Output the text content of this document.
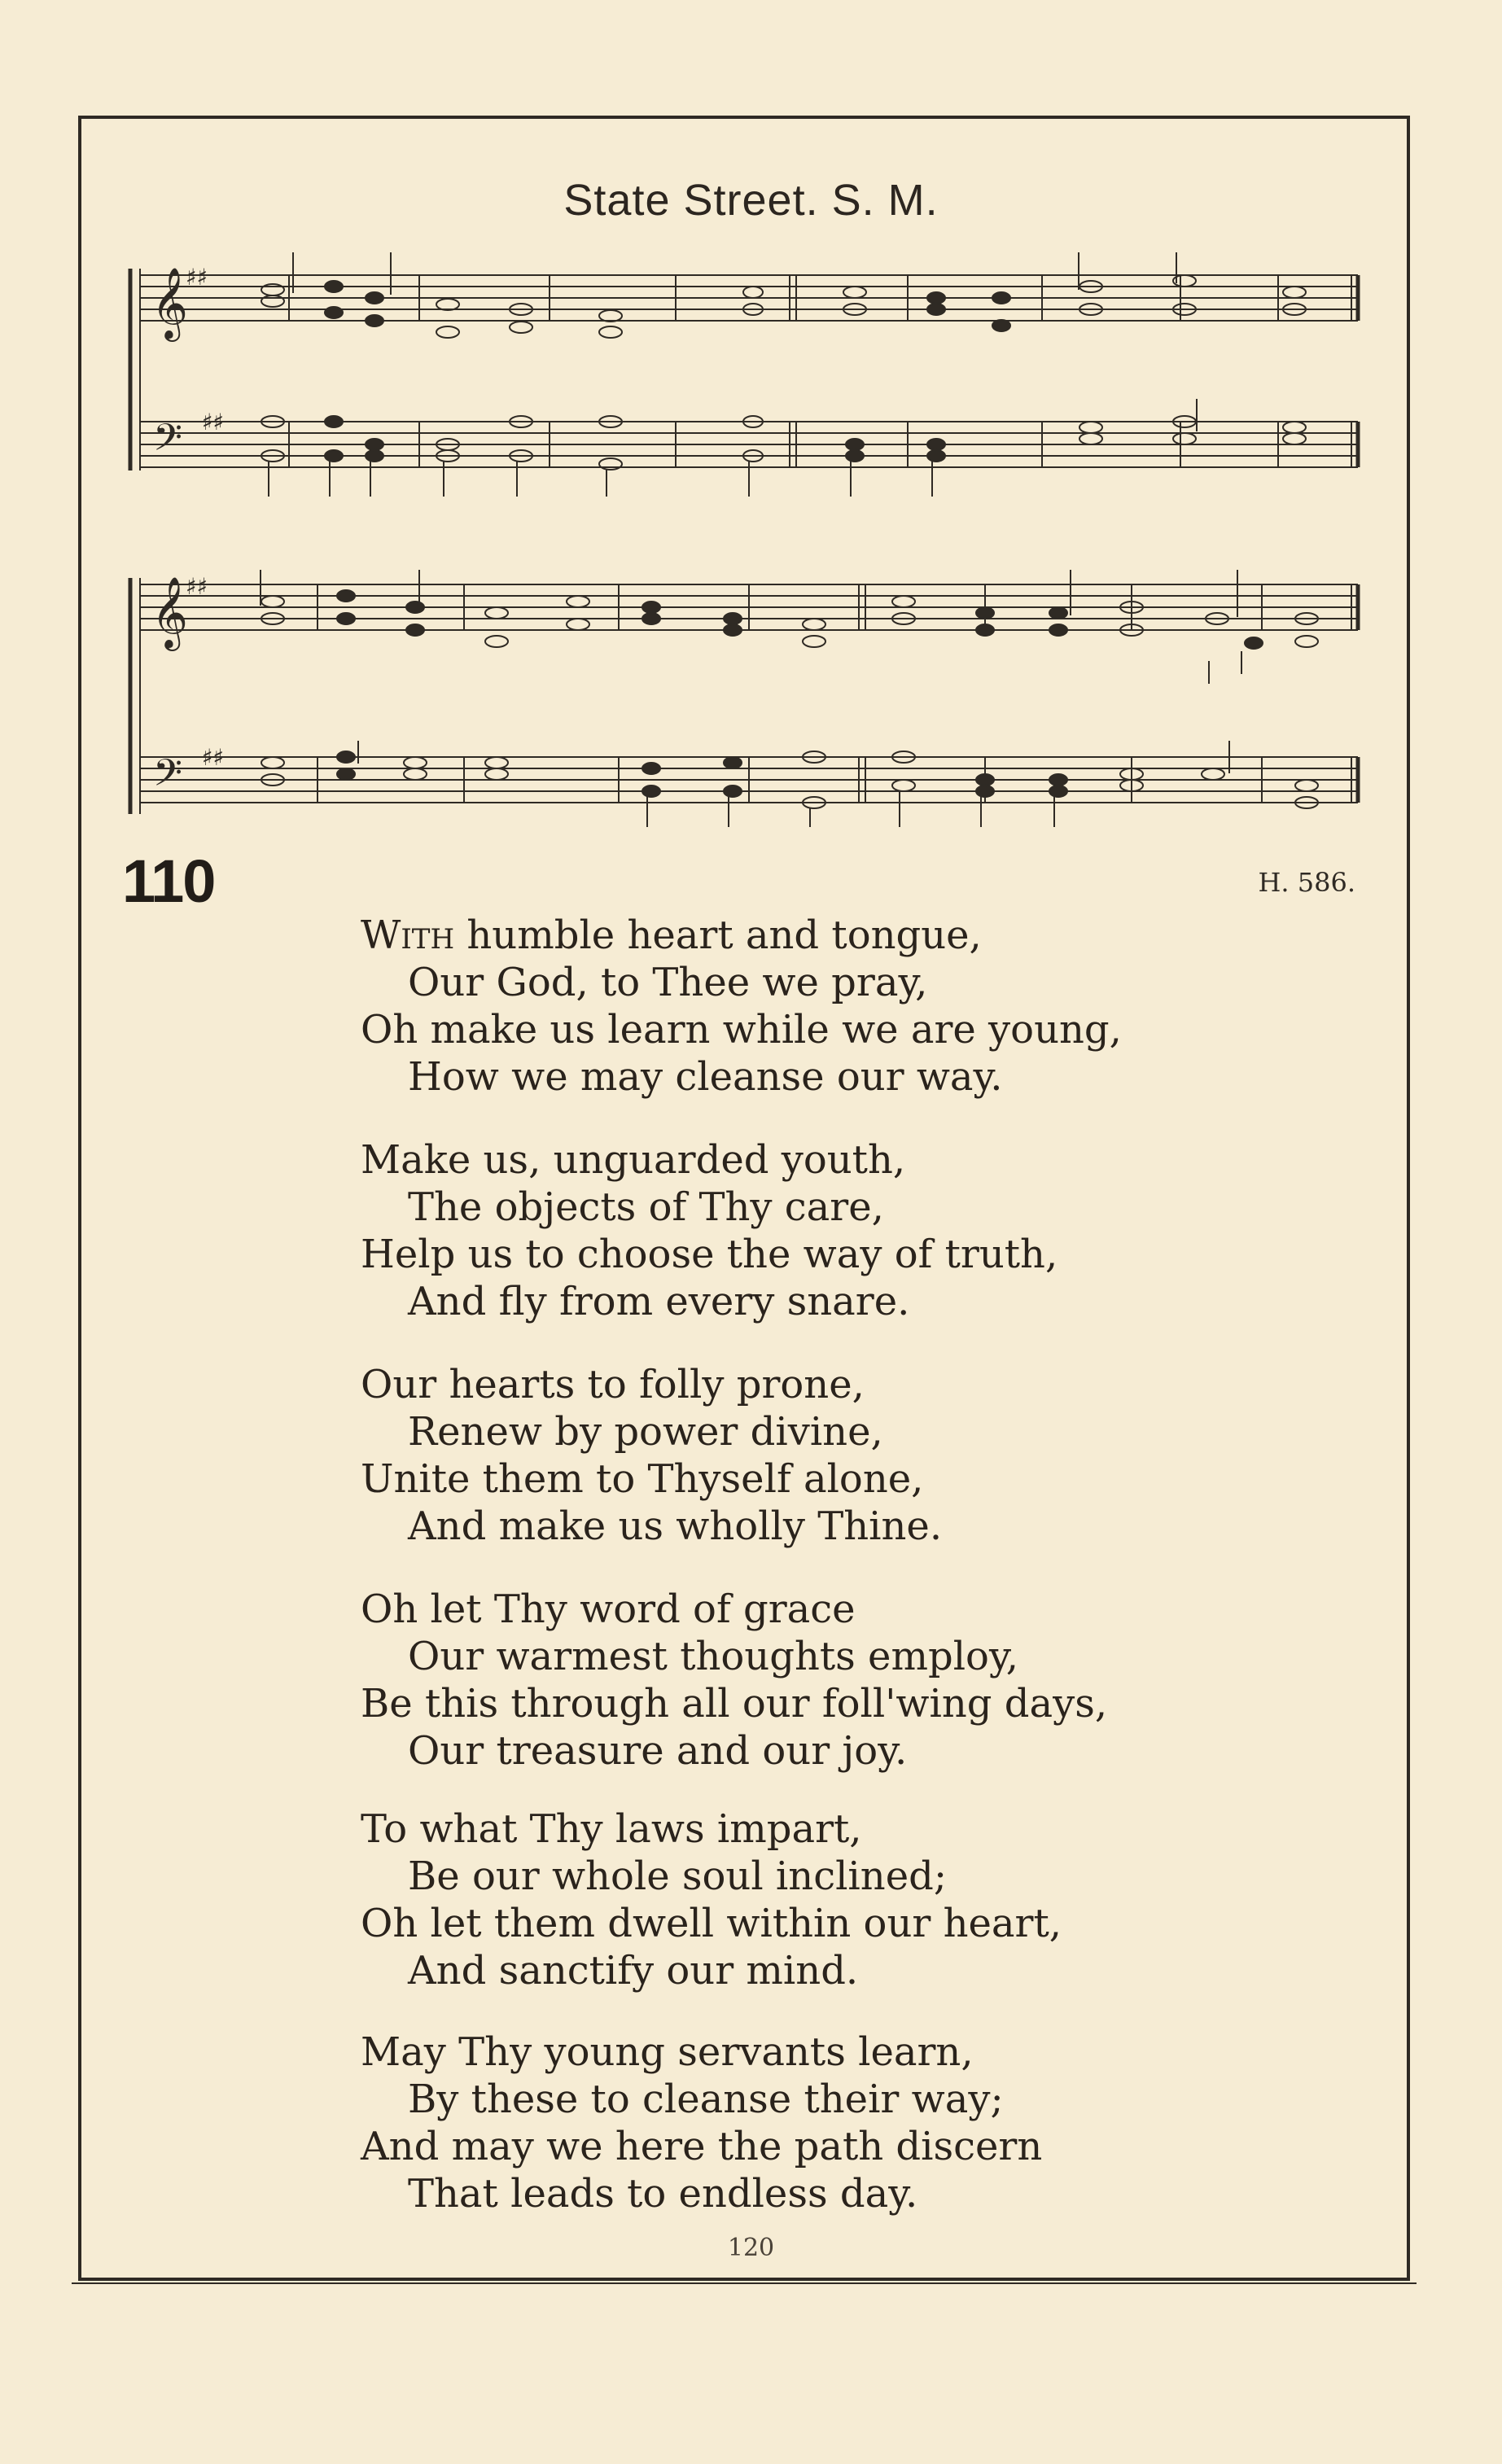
State Street. S. M.
𝄞
𝄢
♯♯
♯♯
𝄞
𝄢
♯♯
♯♯
110	H. 586.
With humble heart and tongue,
Our God, to Thee we pray,
Oh make us learn while we are young,
How we may cleanse our way.
Make us, unguarded youth,
The objects of Thy care,
Help us to choose the way of truth,
And fly from every snare.
Our hearts to folly prone,
Renew by power divine,
Unite them to Thyself alone,
And make us wholly Thine.
Oh let Thy word of grace
Our warmest thoughts employ,
Be this through all our foll'wing days,
Our treasure and our joy.
To what Thy laws impart,
Be our whole soul inclined;
Oh let them dwell within our heart,
And sanctify our mind.
May Thy young servants learn,
By these to cleanse their way;
And may we here the path discern
That leads to endless day.
120
